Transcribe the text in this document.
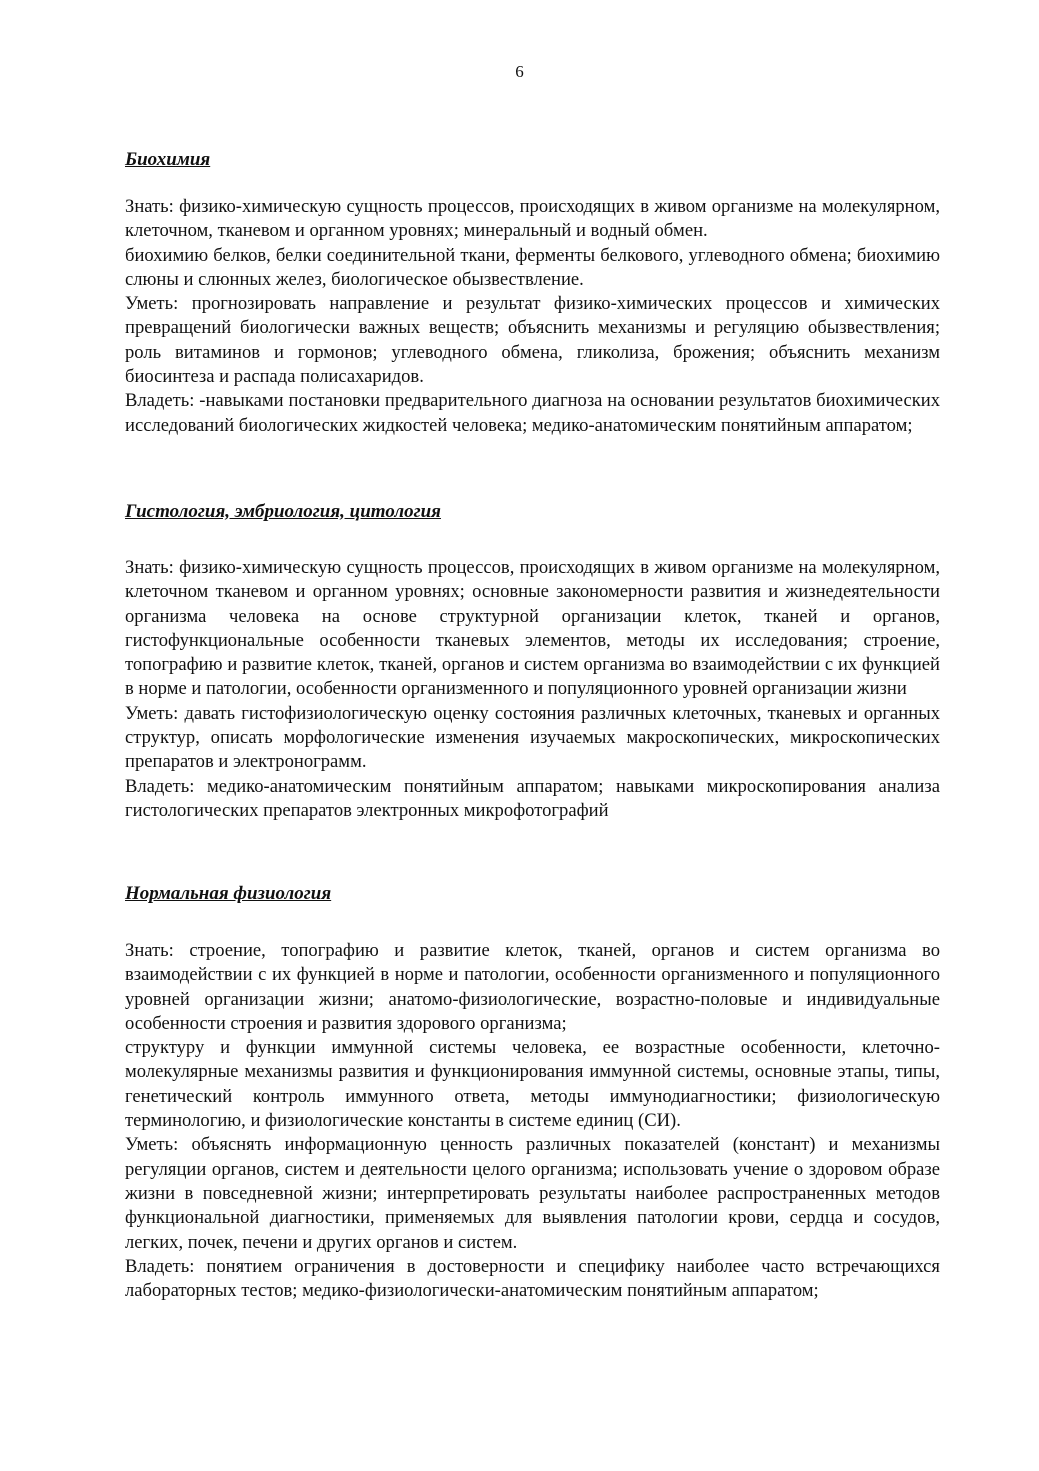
6
Биохимия

Знать: физико-химическую сущность процессов, происходящих в живом организме на молекулярном, клеточном, тканевом и органном уровнях; минеральный и водный обмен.

биохимию белков, белки соединительной ткани, ферменты белкового, углеводного обмена; биохимию слюны и слюнных желез, биологическое обызвествление.

Уметь: прогнозировать направление и результат физико-химических процессов и химических превращений биологически важных веществ; объяснить механизмы и регуляцию обызвествления; роль витаминов и гормонов; углеводного обмена, гликолиза, брожения; объяснить механизм биосинтеза и распада полисахаридов.

Владеть: -навыками постановки предварительного диагноза на основании результатов биохимических исследований биологических жидкостей человека; медико-анатомическим понятийным аппаратом;

Гистология, эмбриология, цитология

Знать: физико-химическую сущность процессов, происходящих в живом организме на молекулярном, клеточном тканевом и органном уровнях; основные закономерности развития и жизнедеятельности организма человека на основе структурной организации клеток, тканей и органов, гистофункциональные особенности тканевых элементов, методы их исследования; строение, топографию и развитие клеток, тканей, органов и систем организма во взаимодействии с их функцией в норме и патологии, особенности организменного и популяционного уровней организации жизни

Уметь: давать гистофизиологическую оценку состояния различных клеточных, тканевых и органных структур, описать морфологические изменения изучаемых макроскопических, микроскопических препаратов и электронограмм.

Владеть: медико-анатомическим понятийным аппаратом; навыками микроскопирования анализа гистологических препаратов электронных микрофотографий

Нормальная физиология

Знать: строение, топографию и развитие клеток, тканей, органов и систем организма во взаимодействии с их функцией в норме и патологии, особенности организменного и популяционного уровней организации жизни; анатомо-физиологические, возрастно-половые и индивидуальные особенности строения и развития здорового организма;

структуру и функции иммунной системы человека, ее возрастные особенности, клеточно-молекулярные механизмы развития и функционирования иммунной системы, основные этапы, типы, генетический контроль иммунного ответа, методы иммунодиагностики; физиологическую терминологию, и физиологические константы в системе единиц (СИ).

Уметь: объяснять информационную ценность различных показателей (констант) и механизмы регуляции органов, систем и деятельности целого организма; использовать учение о здоровом образе жизни в повседневной жизни; интерпретировать результаты наиболее распространенных методов функциональной диагностики, применяемых для выявления патологии крови, сердца и сосудов, легких, почек, печени и других органов и систем.

Владеть: понятием ограничения в достоверности и специфику наиболее часто встречающихся лабораторных тестов; медико-физиологически-анатомическим понятийным аппаратом;
